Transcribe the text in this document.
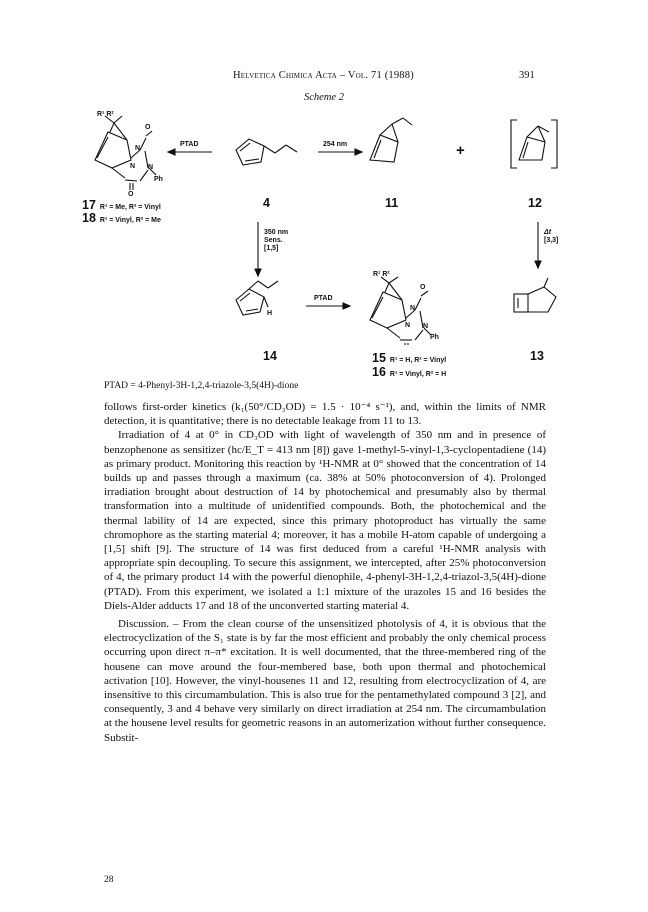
Helvetica Chimica Acta – Vol. 71 (1988)	391
Scheme 2
R¹ R²
O
N
N N
Ph
O
PTAD	254 nm	+
17 R¹ = Me, R² = Vinyl
18 R¹ = Vinyl, R² = Me
4	11	12
350 nm
Sens.
[1,5]
Δt
[3,3]
H
PTAD
R¹ R²
O
N
N N
Ph
14	15 R¹ = H, R² = Vinyl
16 R¹ = Vinyl, R² = H
13
PTAD = 4-Phenyl-3H-1,2,4-triazole-3,5(4H)-dione

follows first-order kinetics (k₁(50°/CD₃OD) = 1.5 · 10⁻⁴ s⁻¹), and, within the limits of NMR detection, it is quantitative; there is no detectable leakage from 11 to 13.

Irradiation of 4 at 0° in CD₃OD with light of wavelength of 350 nm and in presence of benzophenone as sensitizer (hc/E_T = 413 nm [8]) gave 1-methyl-5-vinyl-1,3-cyclopentadiene (14) as primary product. Monitoring this reaction by ¹H-NMR at 0° showed that the concentration of 14 builds up and passes through a maximum (ca. 38% at 50% photoconversion of 4). Prolonged irradiation brought about destruction of 14 by photochemical and presumably also by thermal transformation into a multitude of unidentified compounds. Both, the photochemical and the thermal lability of 14 are expected, since this primary photoproduct has virtually the same chromophore as the starting material 4; moreover, it has a mobile H-atom capable of undergoing a [1,5] shift [9]. The structure of 14 was first deduced from a careful ¹H-NMR analysis with appropriate spin decoupling. To secure this assignment, we intercepted, after 25% photoconversion of 4, the primary product 14 with the powerful dienophile, 4-phenyl-3H-1,2,4-triazol-3,5(4H)-dione (PTAD). From this experiment, we isolated a 1:1 mixture of the urazoles 15 and 16 besides the Diels-Alder adducts 17 and 18 of the unconverted starting material 4.

Discussion. – From the clean course of the unsensitized photolysis of 4, it is obvious that the electrocyclization of the S₁ state is by far the most efficient and probably the only chemical process occurring upon direct π–π* excitation. It is well documented, that the three-membered ring of the housene can move around the four-membered base, both upon thermal and photochemical activation [10]. However, the vinyl-housenes 11 and 12, resulting from electrocyclization of 4, are insensitive to this circumambulation. This is also true for the pentamethylated compound 3 [2], and consequently, 3 and 4 behave very similarly on direct irradiation at 254 nm. The circumambulation at the housene level results for geometric reasons in an automerization without further consequence. Substit-

28
